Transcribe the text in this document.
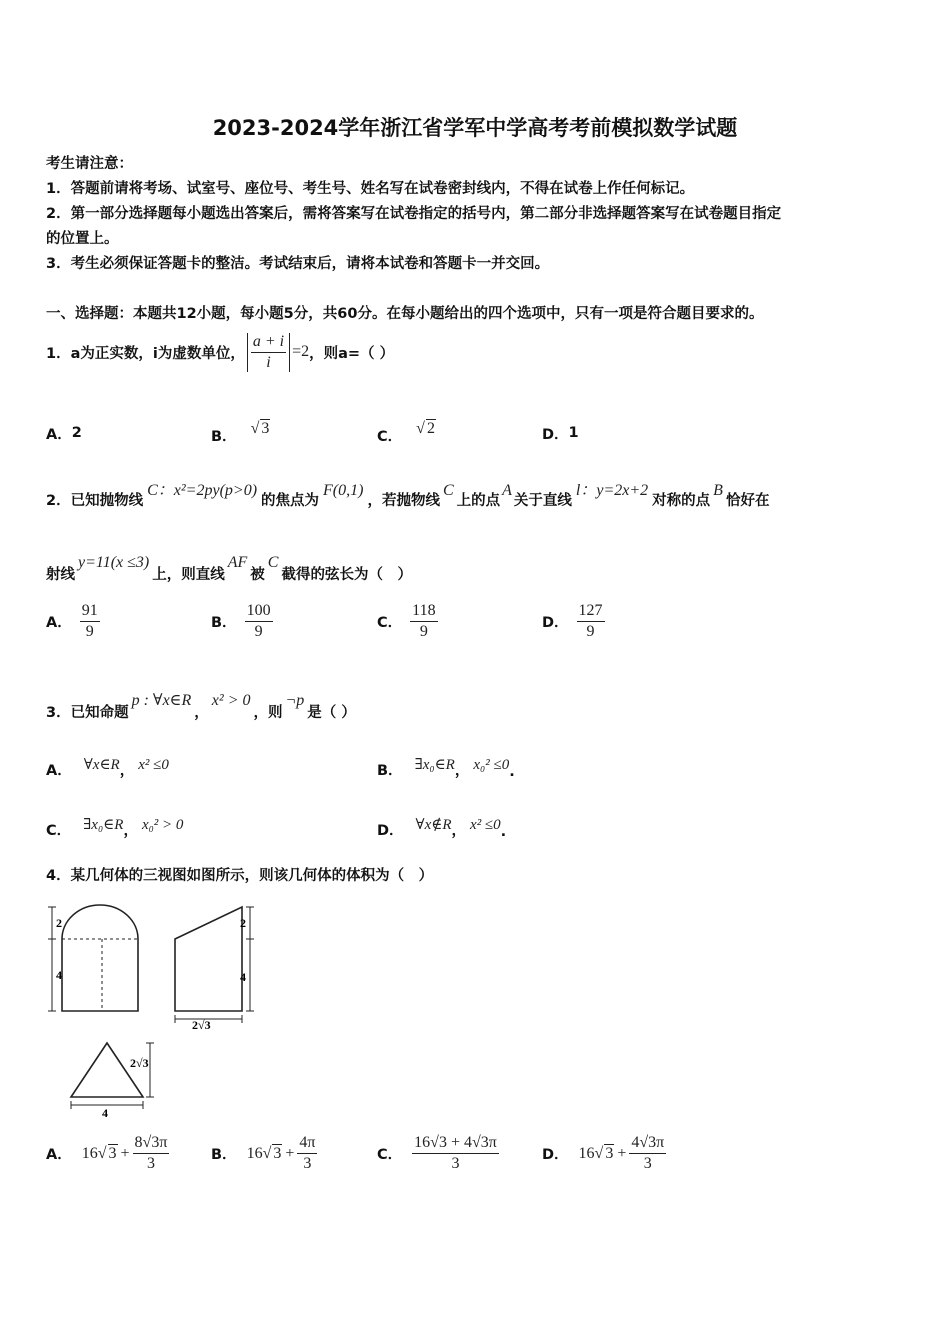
2023-2024学年浙江省学军中学高考考前模拟数学试题
考生请注意：
1．答题前请将考场、试室号、座位号、考生号、姓名写在试卷密封线内，不得在试卷上作任何标记。
2．第一部分选择题每小题选出答案后，需将答案写在试卷指定的括号内，第二部分非选择题答案写在试卷题目指定
的位置上。
3．考生必须保证答题卡的整洁。考试结束后，请将本试卷和答题卡一并交回。
一、选择题：本题共12小题，每小题5分，共60分。在每小题给出的四个选项中，只有一项是符合题目要求的。
1．a为正实数，i为虚数单位， $\frac{a + i}{i} =2$ ，则a=（ ）
A． 2	B． √ 3	C． √ 2	D． 1
2．已知抛物线
C：x²=2py(p>0)
的焦点为
F(0,1)
，若抛物线
C
上的点
A
关于直线
l：y=2x+2
对称的点
B
恰好在
射线
y=11(x ≤3)
上，则直线
AF
被
C
截得的弦长为（　）
A． $\frac{91}{9}$	B． $\frac{100}{9}$	C． $\frac{118}{9}$	D． $\frac{127}{9}$
3．已知命题
p : ∀x∈R
，
x² > 0
，则
¬p
是（ ）
A． ∀x∈R ， x² ≤0	B． ∃x₀∈R ， x₀² ≤0 .
C． ∃x₀∈R ， x₀² > 0	D． ∀x∉R ， x² ≤0 .
4．某几何体的三视图如图所示，则该几何体的体积为（　）
2
4
2
4
2√3
2√3
4
A． 16√ $3 + \frac{8√3\pi}{3}$	B． 16√ $3 + \frac{4\pi}{3}$	C． $\frac{16√3 + 4√3\pi}{3}$	D． 16√ $3 + \frac{4√3\pi}{3}$
